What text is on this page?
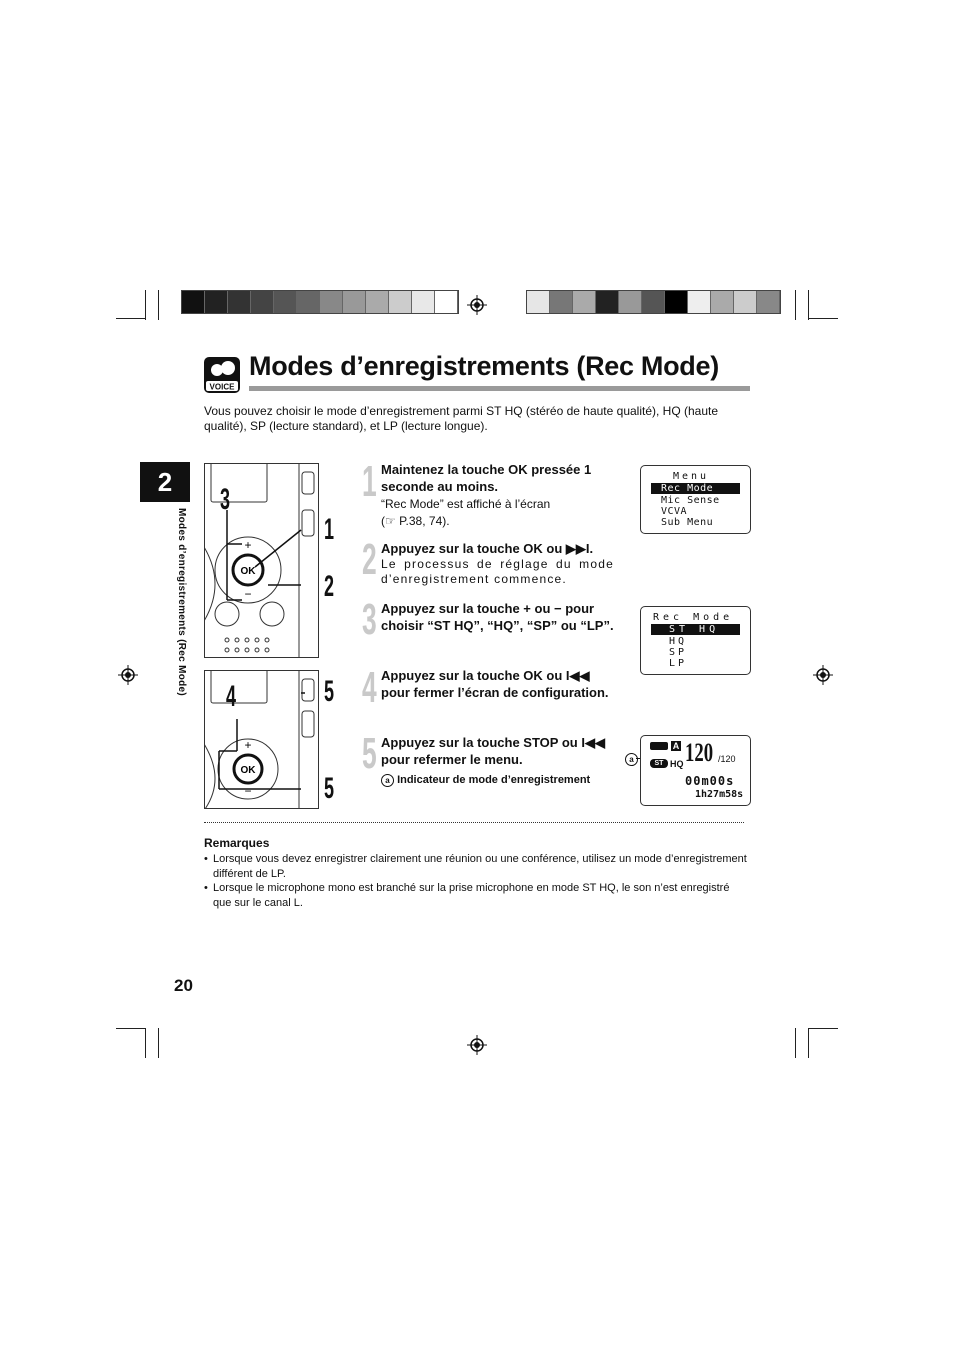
VOICE
Modes d’enregistrements (Rec Mode)
Vous pouvez choisir le mode d’enregistrement parmi ST HQ (stéréo de haute qualité), HQ (haute qualité), SP (lecture standard), et LP (lecture longue).
2
Modes d’enregistrements (Rec Mode)	OK
+
−
3
1
2
OK
+
−
4	5
5
1 Maintenez la touche OK pressée 1 seconde au moins.
“Rec Mode” est affiché à l’écran
(☞ P.38, 74).
2 Appuyez sur la touche OK ou ▶▶I.

Le processus de réglage du mode d’enregistrement commence.
3 Appuyez sur la touche + ou − pour choisir “ST HQ”, “HQ”, “SP” ou “LP”.
4 Appuyez sur la touche OK ou I◀◀ pour fermer l’écran de configuration.
5 Appuyez sur la touche STOP ou I◀◀ pour refermer le menu.
a Indicateur de mode d’enregistrement
Menu
Rec Mode
Mic Sense
VCVA
Sub Menu
Rec Mode
ST HQ
HQ
SP
LP
a
A
ST HQ 120 /120
00m00s
1h27m58s
Remarques
• Lorsque vous devez enregistrer clairement une réunion ou une conférence, utilisez un mode d’enregistrement différent de LP.
• Lorsque le microphone mono est branché sur la prise microphone en mode ST HQ, le son n’est enregistré que sur le canal L.
20
